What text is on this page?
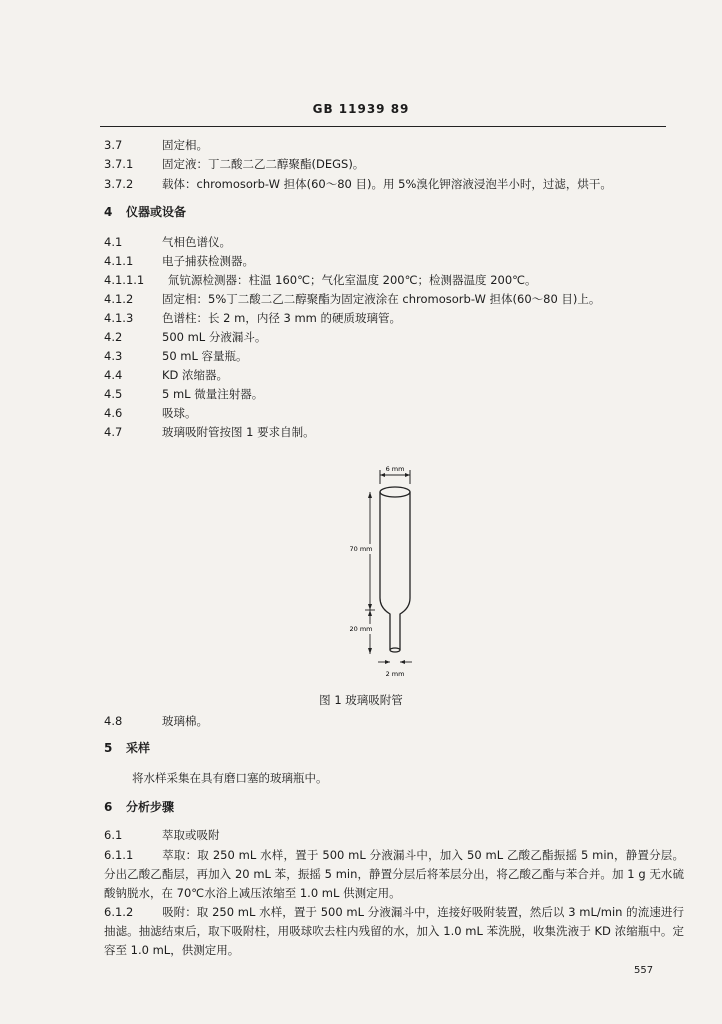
GB 11939 89
3.7	固定相。
3.7.1 固定液：丁二酸二乙二醇聚酯(DEGS)。
3.7.2 载体：chromosorb-W 担体(60～80 目)。用 5%溴化钾溶液浸泡半小时，过滤，烘干。
4 仪器或设备
4.1	气相色谱仪。
4.1.1 电子捕获检测器。
4.1.1.1 氚钪源检测器：柱温 160℃；气化室温度 200℃；检测器温度 200℃。
4.1.2 固定相：5%丁二酸二乙二醇聚酯为固定液涂在 chromosorb-W 担体(60～80 目)上。
4.1.3 色谱柱：长 2 m，内径 3 mm 的硬质玻璃管。
4.2	500 mL 分液漏斗。
4.3	50 mL 容量瓶。
4.4	KD 浓缩器。
4.5	5 mL 微量注射器。
4.6	吸球。
4.7	玻璃吸附管按图 1 要求自制。
6 mm
70 mm
20 mm
2 mm
图 1 玻璃吸附管
4.8	玻璃棉。
5 采样
将水样采集在具有磨口塞的玻璃瓶中。
6 分析步骤
6.1	萃取或吸附
6.1.1 萃取：取 250 mL 水样，置于 500 mL 分液漏斗中，加入 50 mL 乙酸乙酯振摇 5 min，静置分层。分出乙酸乙酯层，再加入 20 mL 苯，振摇 5 min，静置分层后将苯层分出，将乙酸乙酯与苯合并。加 1 g 无水硫酸钠脱水，在 70℃水浴上减压浓缩至 1.0 mL 供测定用。
6.1.2 吸附：取 250 mL 水样，置于 500 mL 分液漏斗中，连接好吸附装置，然后以 3 mL/min 的流速进行抽滤。抽滤结束后，取下吸附柱，用吸球吹去柱内残留的水，加入 1.0 mL 苯洗脱，收集洗液于 KD 浓缩瓶中。定容至 1.0 mL，供测定用。
557
